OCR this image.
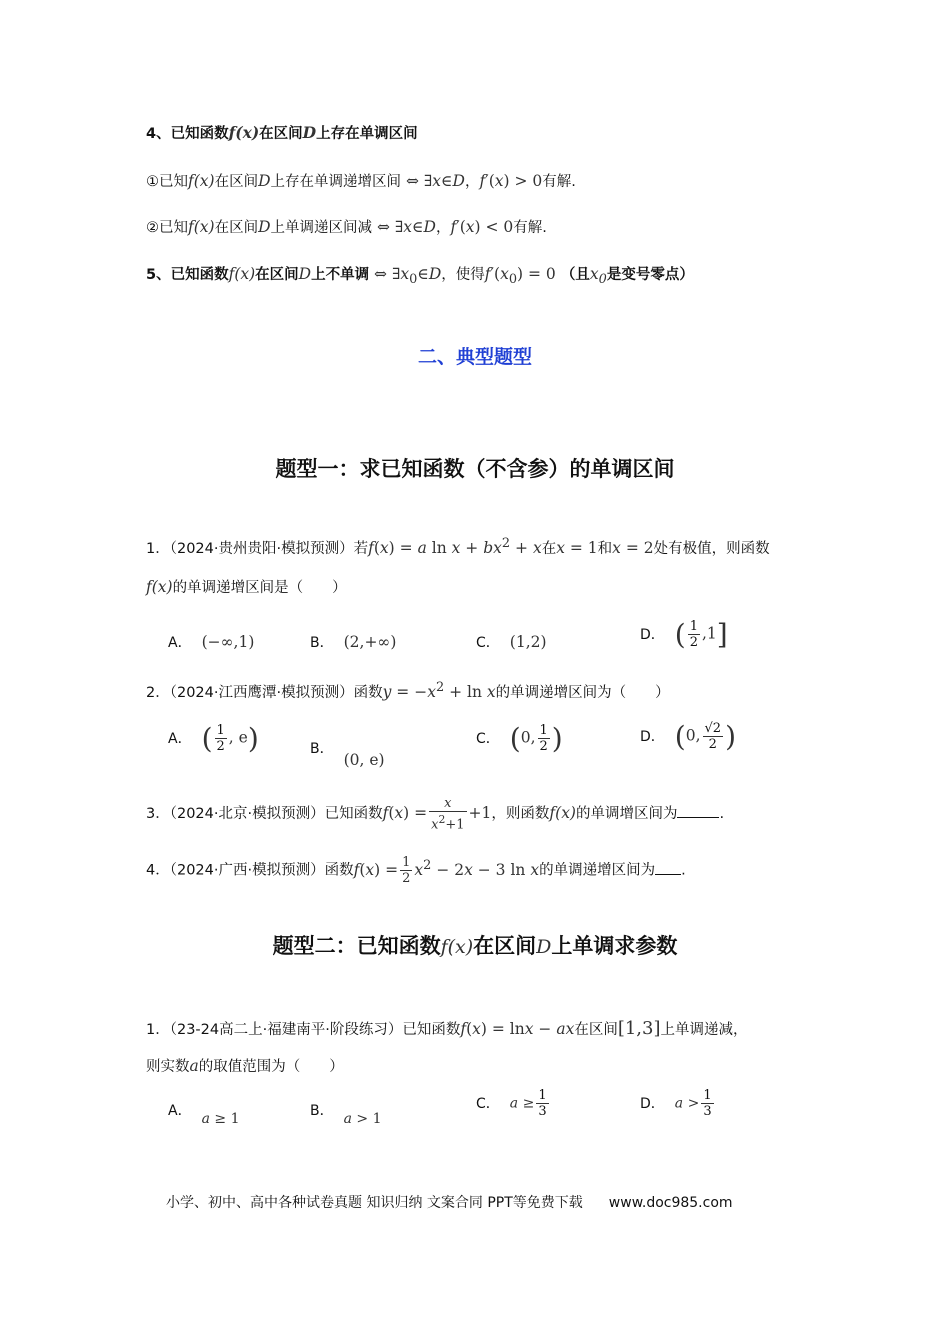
4、已知函数f(x)在区间D上存在单调区间
①已知f(x)在区间D上存在单调递增区间 ⇔ ∃x∈D，f′(x) > 0有解.
②已知f(x)在区间D上单调递区间减 ⇔ ∃x∈D，f′(x) < 0有解.
5、已知函数f(x)在区间D上不单调 ⇔ $\exists x_0\in D$，使得$f'(x_0) = 0$ （且$x_0$是变号零点）
二、典型题型
题型一：求已知函数（不含参）的单调区间
1．（2024·贵州贵阳·模拟预测）若f(x) = a $\ln x + bx^2 + x$在x = 1和x = 2处有极值，则函数
f(x)的单调递增区间是（　　）
A． (−∞,1)	B． (2,+∞)	C． (1,2)	D． ( $\frac{1}{2} ,1$]
2．（2024·江西鹰潭·模拟预测）函数$y = -x^2 + \ln x$的单调递增区间为（　　）
A． ( $\frac{1}{2}$ , e)	B．(0, e)
C． (0, $\frac{1}{2}$ )	D． (0, $\frac{√2}{2}$ )
3．（2024·北京·模拟预测）已知函数$f(x) = \frac{x}{x^2+1} +1$，则函数f(x)的单调增区间为	.
4．（2024·广西·模拟预测）函数$f(x) = \frac{1}{2} x^2 - 2x - 3$ ln x的单调递增区间为 .
题型二：已知函数f(x)在区间D上单调求参数
1．（23-24高二上·福建南平·阶段练习）已知函数f(x) = lnx − ax在区间[1,3]上单调递减，
则实数a的取值范围为（　　）
A． a ≥ 1	B． a > 1
C． $a \ge \frac{1}{3}$	D． $a > \frac{1}{3}$
小学、初中、高中各种试卷真题 知识归纳 文案合同 PPT等免费下载 www.doc985.com
